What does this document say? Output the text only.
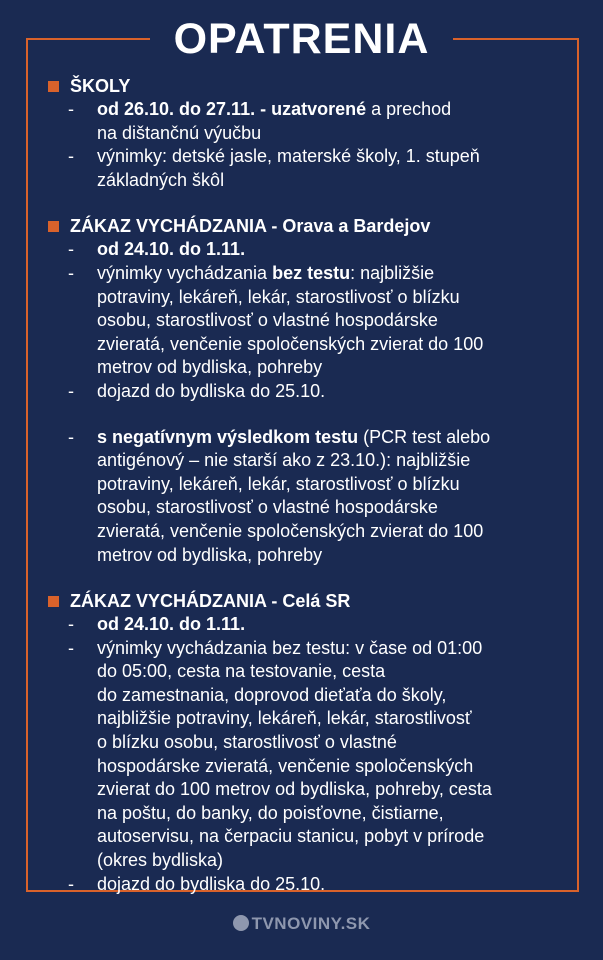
OPATRENIA
ŠKOLY
-	od 26.10. do 27.11. - uzatvorené a prechod
na dištančnú výučbu
-	výnimky: detské jasle, materské školy, 1. stupeň
základných škôl
ZÁKAZ VYCHÁDZANIA - Orava a Bardejov
-	od 24.10. do 1.11.
-	výnimky vychádzania bez testu: najbližšie
potraviny, lekáreň, lekár, starostlivosť o blízku
osobu, starostlivosť o vlastné hospodárske
zvieratá, venčenie spoločenských zvierat do 100
metrov od bydliska, pohreby
-	dojazd do bydliska do 25.10.
-	s negatívnym výsledkom testu (PCR test alebo
antigénový – nie starší ako z 23.10.): najbližšie
potraviny, lekáreň, lekár, starostlivosť o blízku
osobu, starostlivosť o vlastné hospodárske
zvieratá, venčenie spoločenských zvierat do 100
metrov od bydliska, pohreby
ZÁKAZ VYCHÁDZANIA - Celá SR
-	od 24.10. do 1.11.
-	výnimky vychádzania bez testu: v čase od 01:00
do 05:00, cesta na testovanie, cesta
do zamestnania, doprovod dieťaťa do školy,
najbližšie potraviny, lekáreň, lekár, starostlivosť
o blízku osobu, starostlivosť o vlastné
hospodárske zvieratá, venčenie spoločenských
zvierat do 100 metrov od bydliska, pohreby, cesta
na poštu, do banky, do poisťovne, čistiarne,
autoservisu, na čerpaciu stanicu, pobyt v prírode
(okres bydliska)
-	dojazd do bydliska do 25.10.
TVNOVINY.SK
